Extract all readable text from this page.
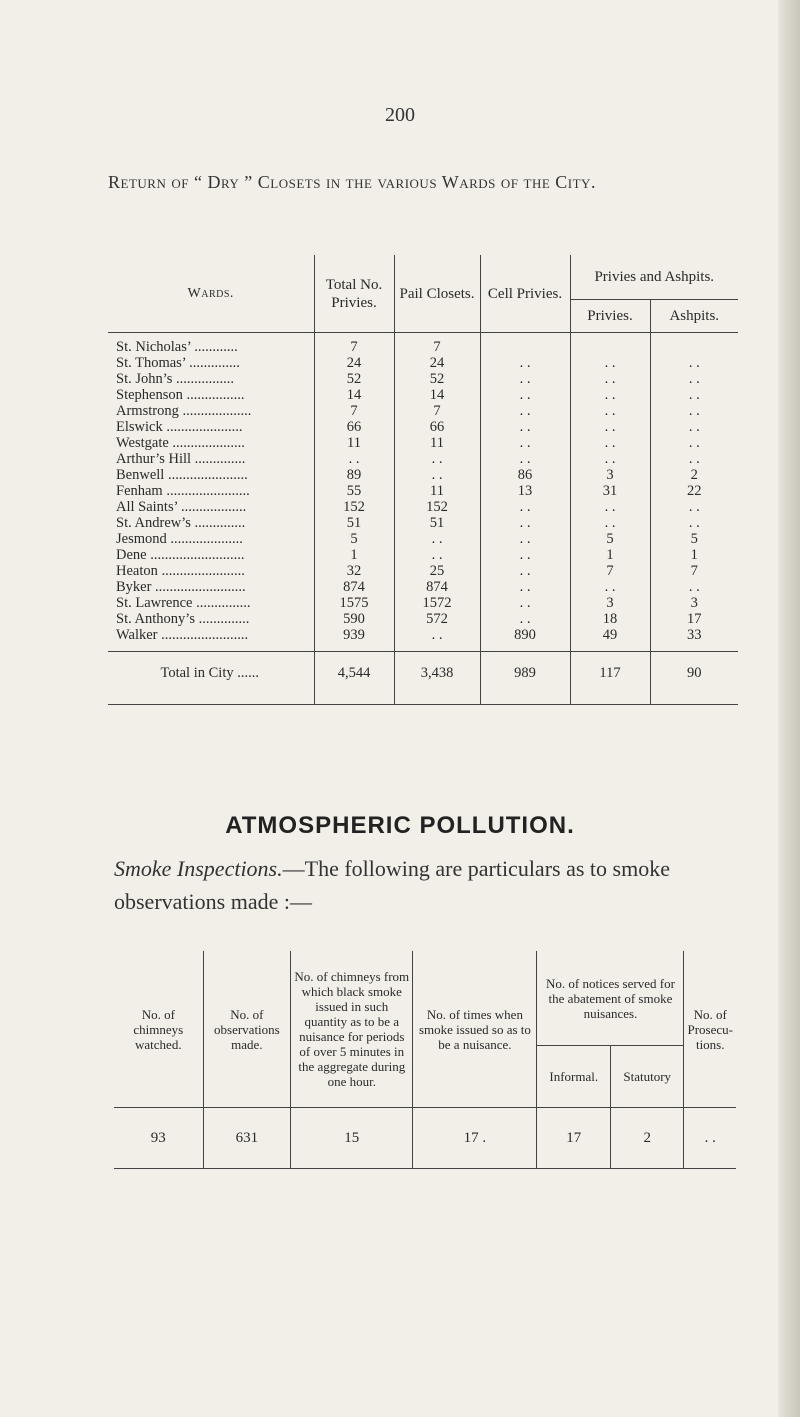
200
Return of “ Dry ” Closets in the various Wards of the City.
Wards.	Total No. Privies.	Pail Closets.	Cell Privies.	Privies and Ashpits.	
				Privies.	Ashpits.

St. Nicholas’ ............	7	7			
St. Thomas’ ..............	24	24	. .	. .	. .
St. John’s ................	52	52	. .	. .	. .
Stephenson ................	14	14	. .	. .	. .
Armstrong ...................	7	7	. .	. .	. .
Elswick .....................	66	66	. .	. .	. .
Westgate ....................	11	11	. .	. .	. .
Arthur’s Hill ..............	. .	. .	. .	. .	. .
Benwell ......................	89	. .	86	3	2
Fenham .......................	55	11	13	31	22
All Saints’ ..................	152	152	. .	. .	. .
St. Andrew’s ..............	51	51	. .	. .	. .
Jesmond ....................	5	. .	. .	5	5
Dene ..........................	1	. .	. .	1	1
Heaton .......................	32	25	. .	7	7
Byker .........................	874	874	. .	. .	. .
St. Lawrence ...............	1575	1572	. .	3	3
St. Anthony’s ..............	590	572	. .	18	17
Walker ........................	939	. .	890	49	33

Total in City ......	4,544	3,438	989	117	90
ATMOSPHERIC POLLUTION.
Smoke Inspections.—The following are particulars as to smoke observations made :—
No. of chimneys watched.	No. of observations made.	No. of chimneys from which black smoke issued in such quantity as to be a nuisance for periods of over 5 minutes in the aggregate during one hour.	No. of times when smoke issued so as to be a nuisance.	No. of notices served for the abatement of smoke nuisances.		No. of Prosecu-tions.
				Informal.	Statutory	
93	631	15	17 .	17	2	. .
